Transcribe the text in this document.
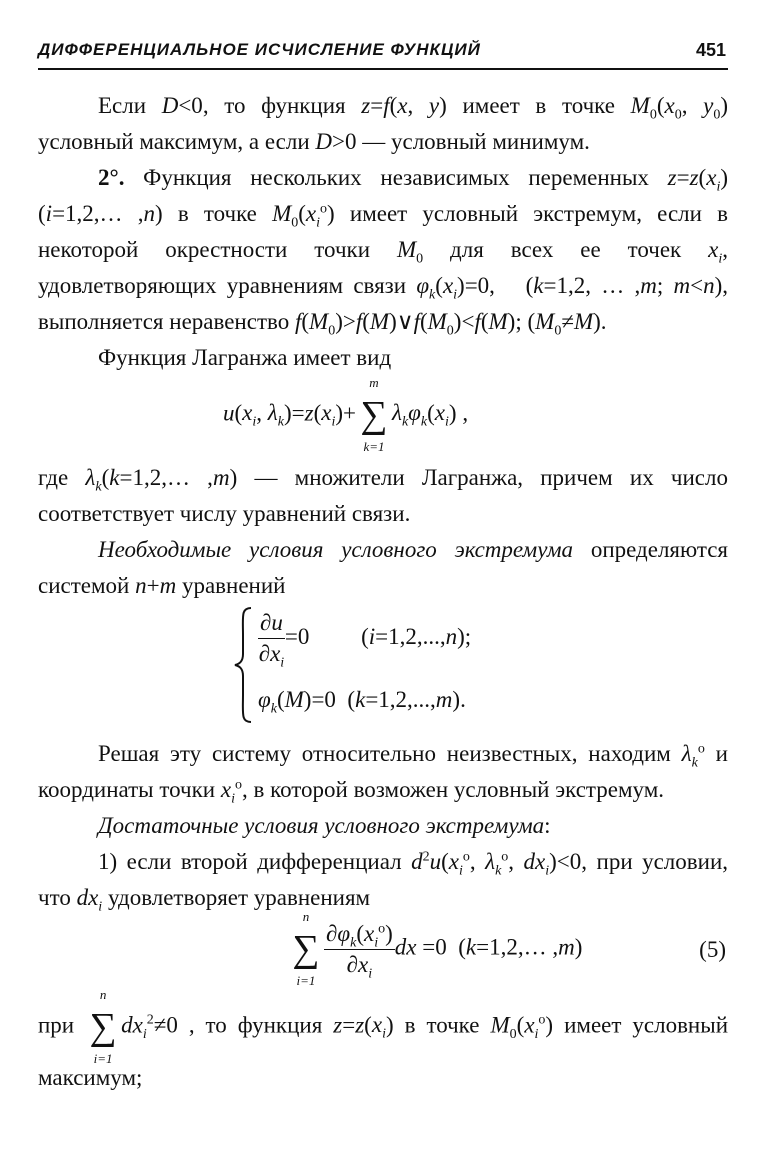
ДИФФЕРЕНЦИАЛЬНОЕ ИСЧИСЛЕНИЕ ФУНКЦИЙ	451

Если D<0, то функция z=f(x, y) имеет в точке $M_0(x_0$, $y_0$) условный максимум, а если D>0 — условный минимум.

2°. Функция нескольких независимых переменных $z=z(x_i)$ (i=1,2,… ,n) в точке $M_0(x_i^o)$ имеет условный экстремум, если в некоторой окрестности точки $M_0$ для всех ее точек $x_i$, удовлетворяющих уравнениям связи $\varphi_k(x_i)=0$,   (k=1,2, … ,m; m<n), выполняется неравенство $f(M_0)>f(M)\vee f(M_0)<f(M)$; $(M_0\ne M)$.

Функция Лагранжа имеет вид

$u(x_i$, $\lambda_k)=z(x_i)+$
m
∑
k=1
$\lambda_k\varphi_k(x_i)$ ,

где $\lambda_k(k=1,2,\dots$ ,m) — множители Лагранжа, причем их число соответствует числу уравнений связи.

Необходимые условия условного экстремума определяются системой n+m уравнений

$\frac{\partial u}{\partial x_i} =0$         (i=1,2,...,n);
$\varphi_k(M)=0$  (k=1,2,...,m).

Решая эту систему относительно неизвестных, находим $\lambda_k^o$ и координаты точки $x_i^o$, в которой возможен условный экстремум.

Достаточные условия условного экстремума:

1) если второй дифференциал $d^2u(x_i^o$, $\lambda_k^o$, $dx_i)<0$, при условии, что $dx_i$ удовлетворяет уравнениям

n
∑
i=1
$\frac{\partial\varphi_k(x_i^o)}{\partial x_i}$ dx =0  (k=1,2,… ,m)	(5)

при
n
∑
i=1
$dx_i^2\ne 0$ , то функция $z=z(x_i)$ в точке $M_0(x_i^o)$ имеет условный максимум;
